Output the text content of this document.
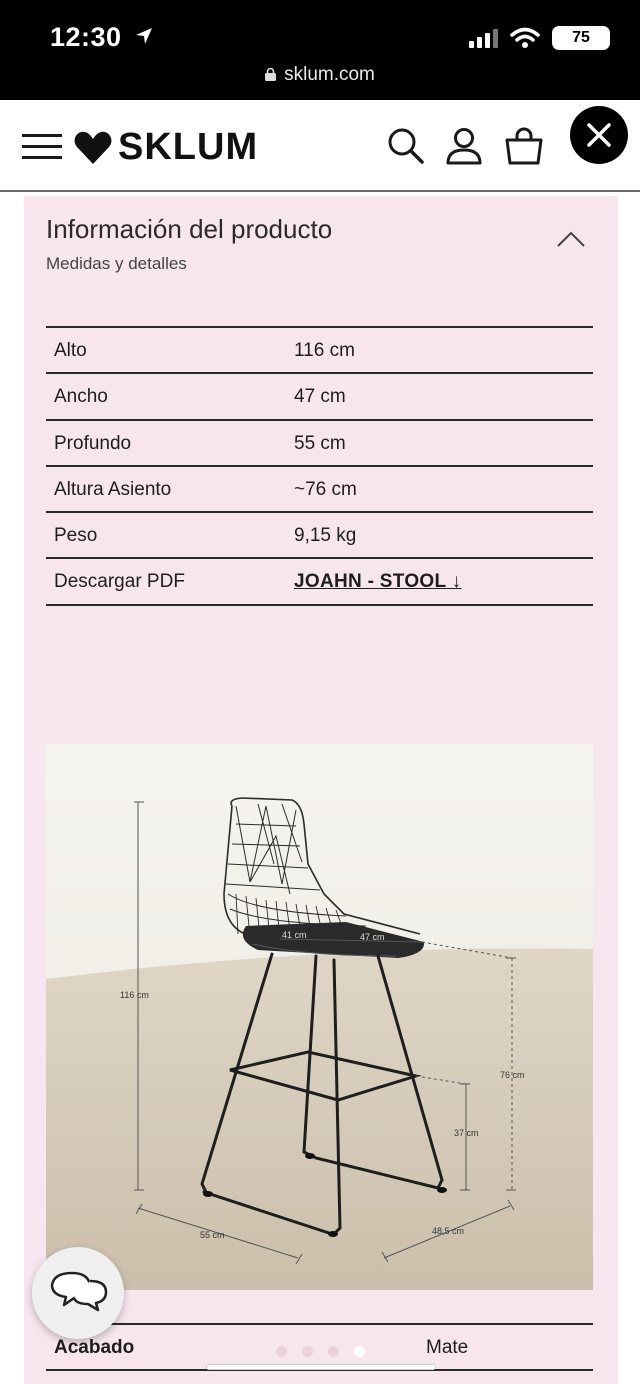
12:30	75
sklum.com
SKLUM
Información del producto
Medidas y detalles
Alto	116 cm
Ancho	47 cm
Profundo	55 cm
Altura Asiento	~76 cm
Peso	9,15 kg
Descargar PDF	JOAHN - STOOL ↓
116 cm
41 cm	47 cm
76 cm
37 cm
55 cm	48,5 cm
Acabado	Mate
